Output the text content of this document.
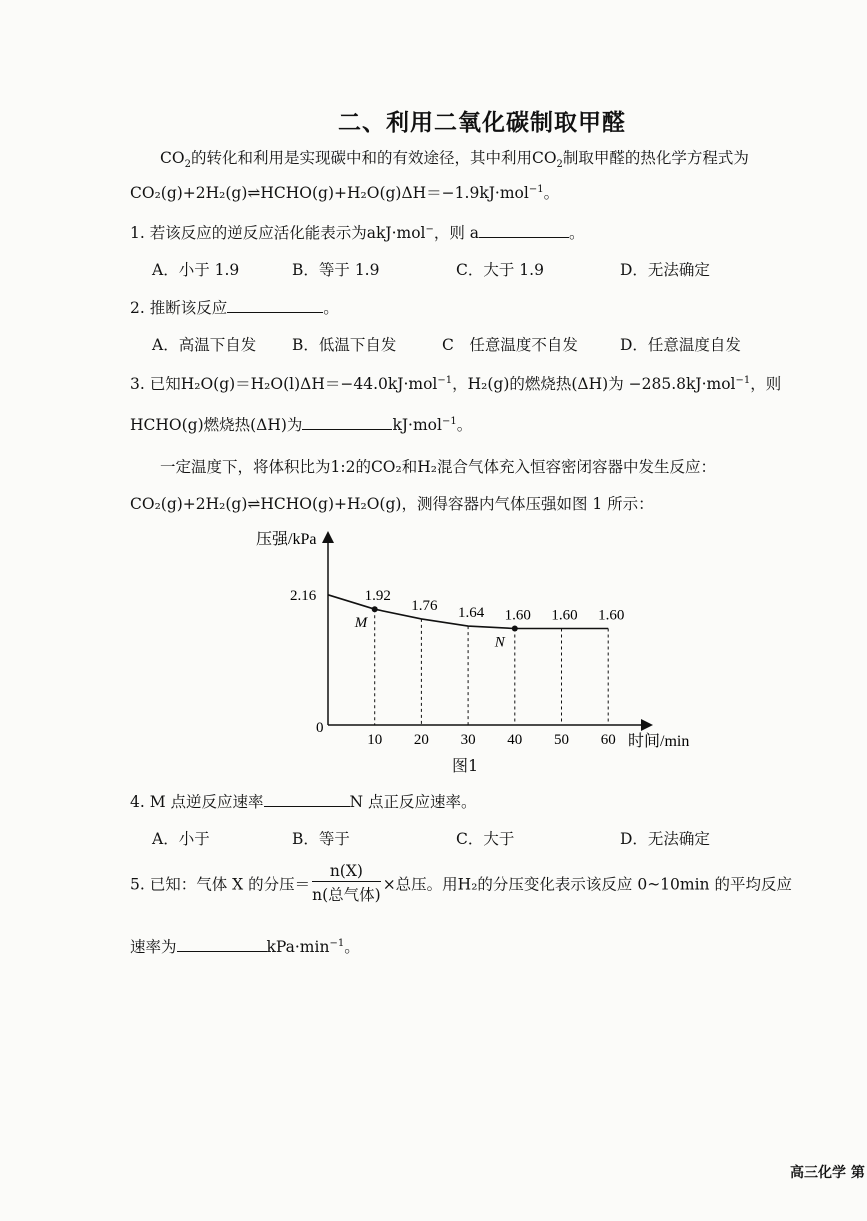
二、利用二氧化碳制取甲醛
$CO_2$的转化和利用是实现碳中和的有效途径，其中利用$CO_2$制取甲醛的热化学方程式为
CO₂(g)+2H₂(g)⇌HCHO(g)+H₂O(g)ΔH＝−1.9kJ·mol$^{-1}$。
1. 若该反应的逆反应活化能表示为akJ·mol−，则 a	。
A．小于 1.9	B．等于 1.9	C．大于 1.9	D．无法确定
2. 推断该反应	。
A．高温下自发 B．低温下自发	C　任意温度不自发	D．任意温度自发
3. 已知H₂O(g)＝H₂O(l)ΔH＝−44.0kJ·mol$^{-1}$，H₂(g)的燃烧热(ΔH)为 −285.8kJ·mol$^{-1}$，则
HCHO(g)燃烧热(ΔH)为	kJ·mol$^{-1}$。
一定温度下，将体积比为1:2的CO₂和H₂混合气体充入恒容密闭容器中发生反应：
CO₂(g)+2H₂(g)⇌HCHO(g)+H₂O(g)，测得容器内气体压强如图 1 所示：
压强/kPa
时间/min
0
2.16
10 20 30 40 50 60
1.92
1.76 1.64 1.60 1.60 1.60
M
N
图1
4. M 点逆反应速率	N 点正反应速率。
A．小于	B．等于	C．大于	D．无法确定
5. 已知：气体 X 的分压＝ $\frac{n(X)}{\text{n(总气体)}}$ ×总压。用H₂的分压变化表示该反应 0~10min 的平均反应
速率为	$kPa\cdot\min^{-1}$。
高三化学 第
